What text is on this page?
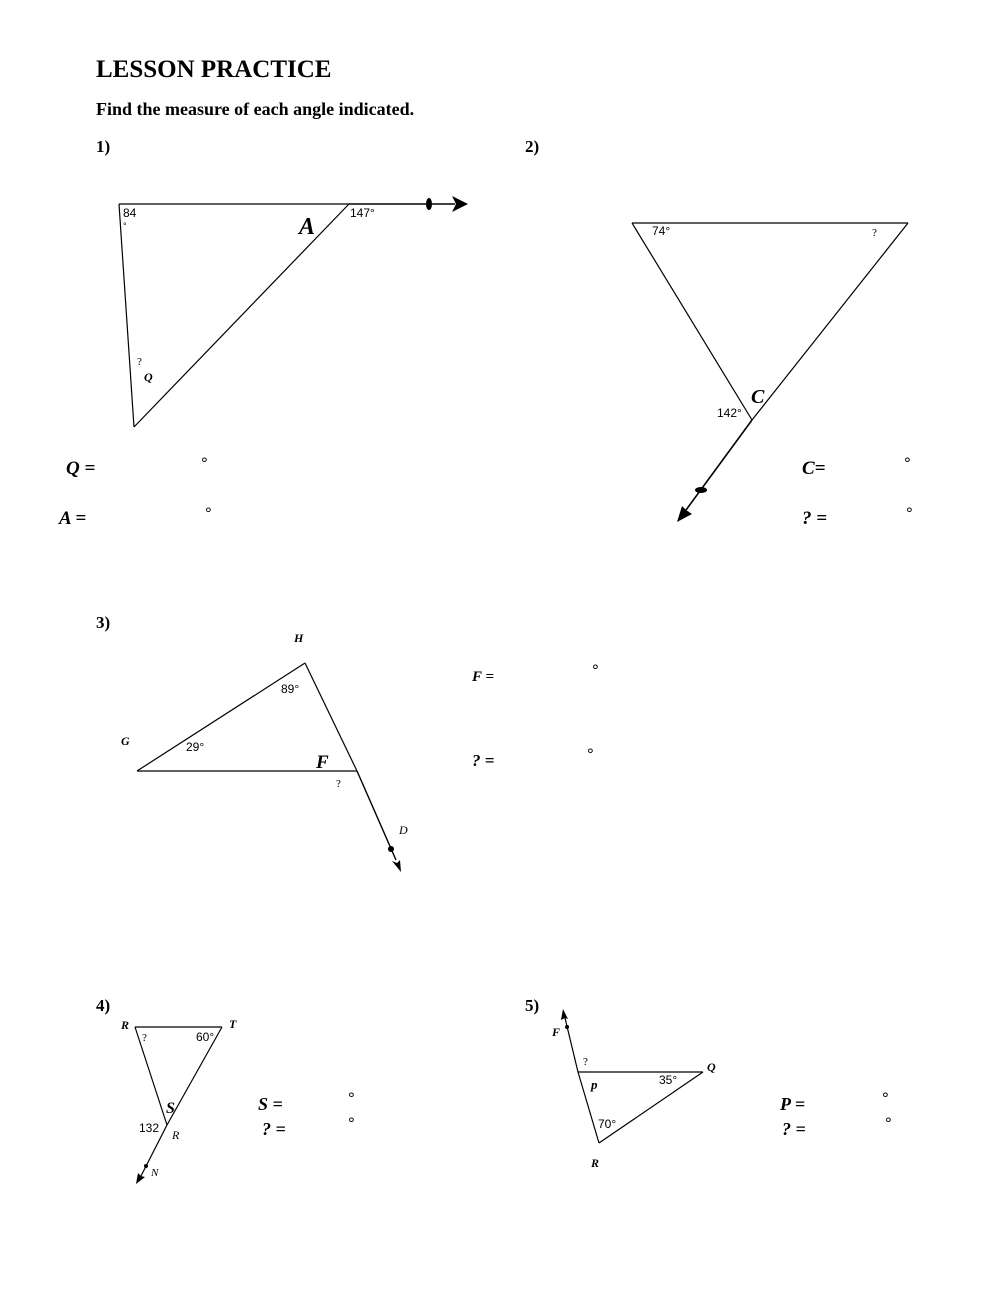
LESSON PRACTICE
Find the measure of each angle indicated.
1)	2)
3)
4)	5)
84
°
147°
A
?
Q
74°	?
142°
C
H
G
89°
29°
F
?
D
R	T
?	60°
S
132 R
N
F
?
p	35°
Q
70°
R
Q =	°
A =	°
C=	°
? =	°
F =	°
? =	°
S =	°
? =	°
P =	°
? =	°
